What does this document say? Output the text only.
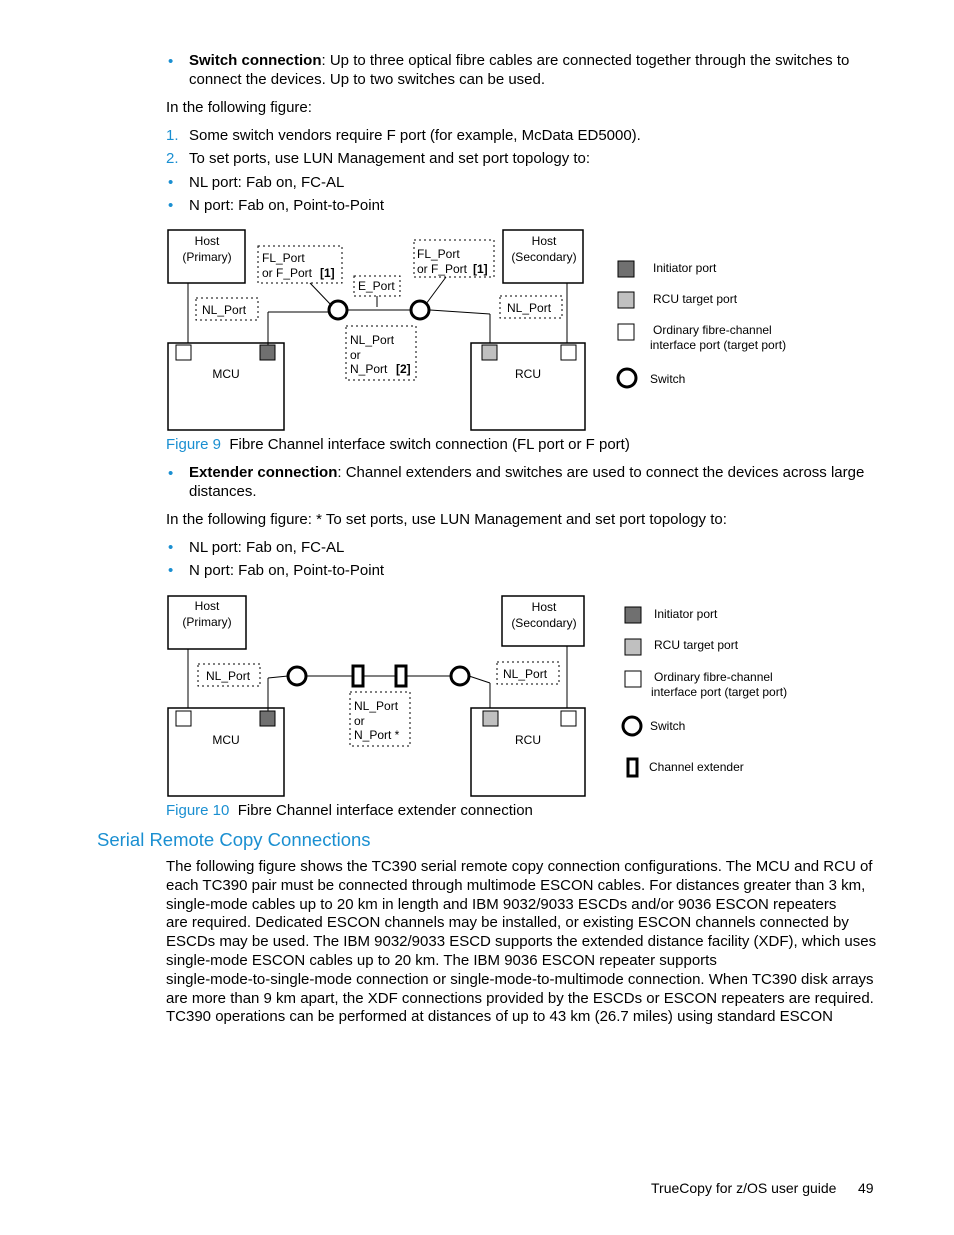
• Switch connection: Up to three optical fibre cables are connected together through the switches to
connect the devices. Up to two switches can be used.
In the following figure:
1. Some switch vendors require F port (for example, McData ED5000).
2. To set ports, use LUN Management and set port topology to:
• NL port: Fab on, FC-AL
• N port: Fab on, Point-to-Point
Host
(Primary)
Host
(Secondary)
MCU	RCU
FL_Port
or F_Port [1]
FL_Port
or F_Port [1]
E_Port
NL_Port	NL_Port
NL_Port
or
N_Port [2]
Initiator port
RCU target port
Ordinary fibre-channel
interface port (target port)
Switch
Figure 9 Fibre Channel interface switch connection (FL port or F port)
• Extender connection: Channel extenders and switches are used to connect the devices across large
distances.
In the following figure: * To set ports, use LUN Management and set port topology to:
• NL port: Fab on, FC-AL
• N port: Fab on, Point-to-Point
Host
(Primary)
Host
(Secondary)
MCU	RCU
NL_Port	NL_Port
NL_Port
or
N_Port *
Initiator port
RCU target port
Ordinary fibre-channel
interface port (target port)
Switch
Channel extender
Figure 10 Fibre Channel interface extender connection
Serial Remote Copy Connections
The following figure shows the TC390 serial remote copy connection configurations. The MCU and RCU of
each TC390 pair must be connected through multimode ESCON cables. For distances greater than 3 km,
single-mode cables up to 20 km in length and IBM 9032/9033 ESCDs and/or 9036 ESCON repeaters
are required. Dedicated ESCON channels may be installed, or existing ESCON channels connected by
ESCDs may be used. The IBM 9032/9033 ESCD supports the extended distance facility (XDF), which uses
single-mode ESCON cables up to 20 km. The IBM 9036 ESCON repeater supports
single-mode-to-single-mode connection or single-mode-to-multimode connection. When TC390 disk arrays
are more than 9 km apart, the XDF connections provided by the ESCDs or ESCON repeaters are required.
TC390 operations can be performed at distances of up to 43 km (26.7 miles) using standard ESCON
TrueCopy for z/OS user guide 49
